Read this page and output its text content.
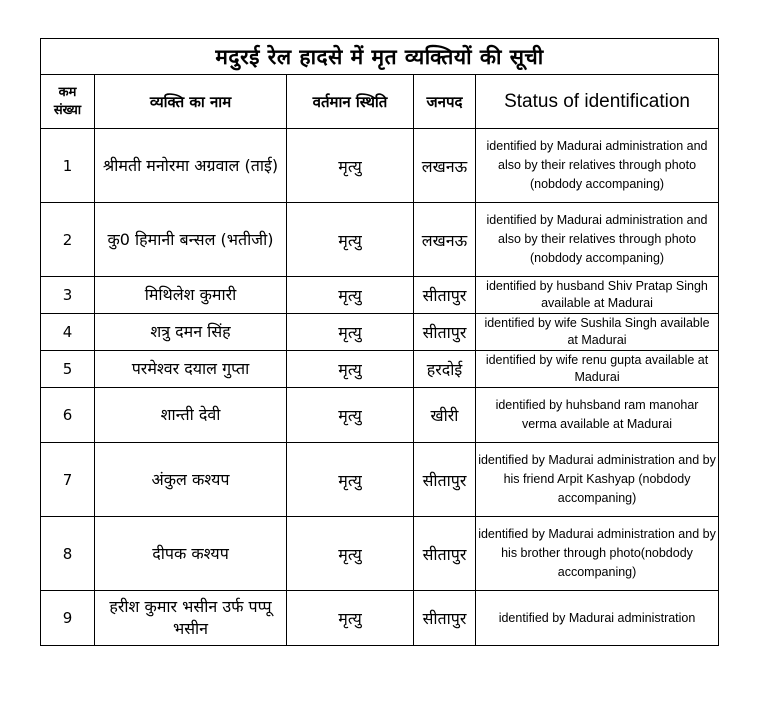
मदुरई रेल हादसे में मृत व्यक्तियों की सूची				
कम संख्या	व्यक्ति का नाम	वर्तमान स्थिति	जनपद	Status of identification
1	श्रीमती मनोरमा अग्रवाल (ताई)	मृत्यु	लखनऊ	identified by Madurai administration and also by their relatives through photo (nobdody accompaning)
2	कु0 हिमानी बन्सल (भतीजी)	मृत्यु	लखनऊ	identified by Madurai administration and also by their relatives through photo (nobdody accompaning)
3	मिथिलेश कुमारी	मृत्यु	सीतापुर	identified by husband Shiv Pratap Singh available at Madurai
4	शत्रु दमन सिंह	मृत्यु	सीतापुर	identified by wife Sushila Singh available at Madurai
5	परमेश्वर दयाल गुप्ता	मृत्यु	हरदोई	identified by wife renu gupta available at Madurai
6	शान्ती देवी	मृत्यु	खीरी	identified by huhsband ram manohar verma available at Madurai
7	अंकुल कश्यप	मृत्यु	सीतापुर	identified by Madurai administration and by his friend Arpit Kashyap (nobdody accompaning)
8	दीपक कश्यप	मृत्यु	सीतापुर	identified by Madurai administration and by his brother through photo(nobdody accompaning)
9	हरीश कुमार भसीन उर्फ पप्पू भसीन	मृत्यु	सीतापुर	identified by Madurai administration
